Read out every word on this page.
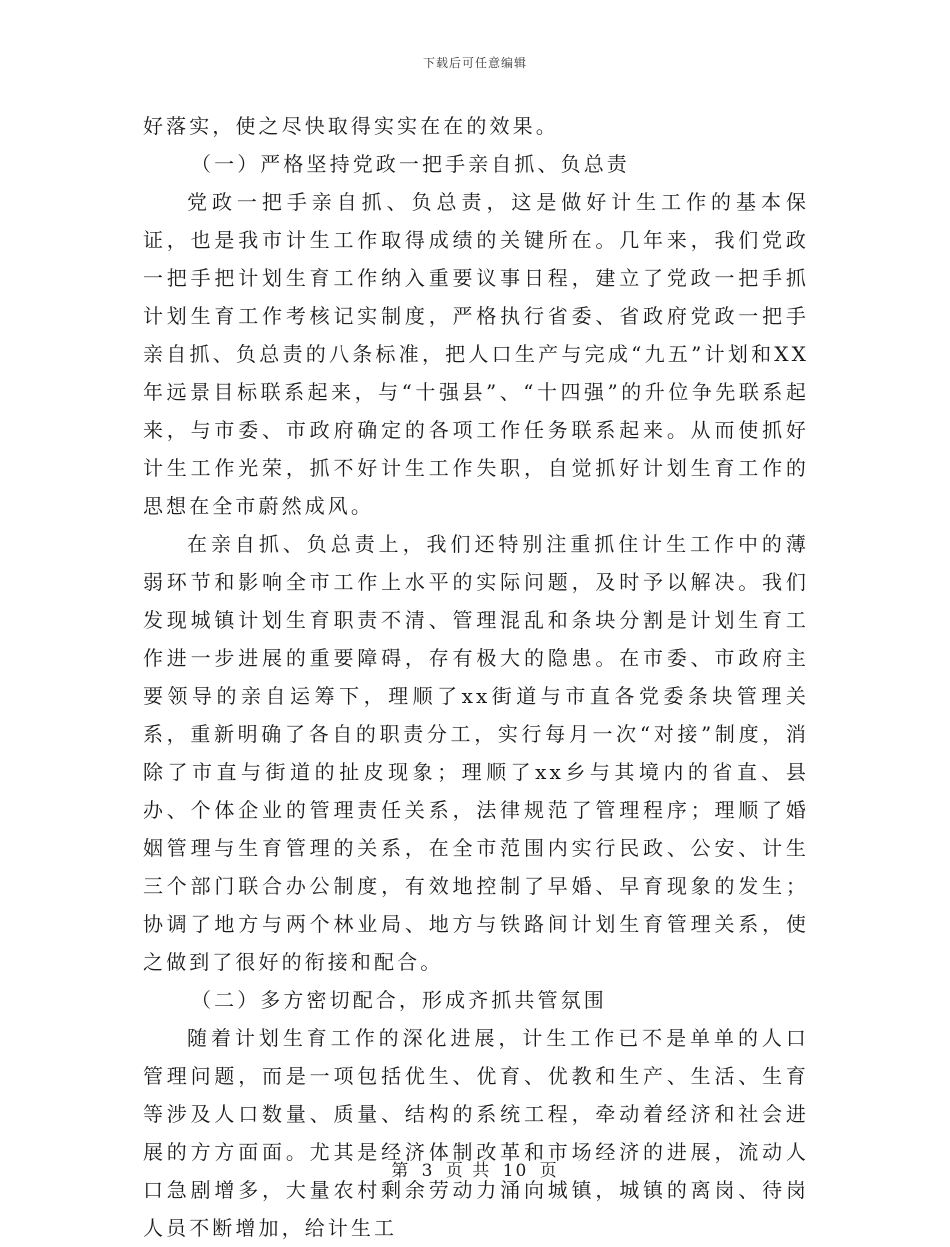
下载后可任意编辑

好落实，使之尽快取得实实在在的效果。

（一）严格坚持党政一把手亲自抓、负总责

党政一把手亲自抓、负总责，这是做好计生工作的基本保证，也是我市计生工作取得成绩的关键所在。几年来，我们党政一把手把计划生育工作纳入重要议事日程，建立了党政一把手抓计划生育工作考核记实制度，严格执行省委、省政府党政一把手亲自抓、负总责的八条标准，把人口生产与完成“九五”计划和XX年远景目标联系起来，与“十强县”、“十四强”的升位争先联系起来，与市委、市政府确定的各项工作任务联系起来。从而使抓好计生工作光荣，抓不好计生工作失职，自觉抓好计划生育工作的思想在全市蔚然成风。

在亲自抓、负总责上，我们还特别注重抓住计生工作中的薄弱环节和影响全市工作上水平的实际问题，及时予以解决。我们发现城镇计划生育职责不清、管理混乱和条块分割是计划生育工作进一步进展的重要障碍，存有极大的隐患。在市委、市政府主要领导的亲自运筹下，理顺了xx街道与市直各党委条块管理关系，重新明确了各自的职责分工，实行每月一次“对接”制度，消除了市直与街道的扯皮现象；理顺了xx乡与其境内的省直、县办、个体企业的管理责任关系，法律规范了管理程序；理顺了婚姻管理与生育管理的关系，在全市范围内实行民政、公安、计生三个部门联合办公制度，有效地控制了早婚、早育现象的发生；协调了地方与两个林业局、地方与铁路间计划生育管理关系，使之做到了很好的衔接和配合。

（二）多方密切配合，形成齐抓共管氛围

随着计划生育工作的深化进展，计生工作已不是单单的人口管理问题，而是一项包括优生、优育、优教和生产、生活、生育等涉及人口数量、质量、结构的系统工程，牵动着经济和社会进展的方方面面。尤其是经济体制改革和市场经济的进展，流动人口急剧增多，大量农村剩余劳动力涌向城镇，城镇的离岗、待岗人员不断增加，给计生工

第 3 页 共 10 页
